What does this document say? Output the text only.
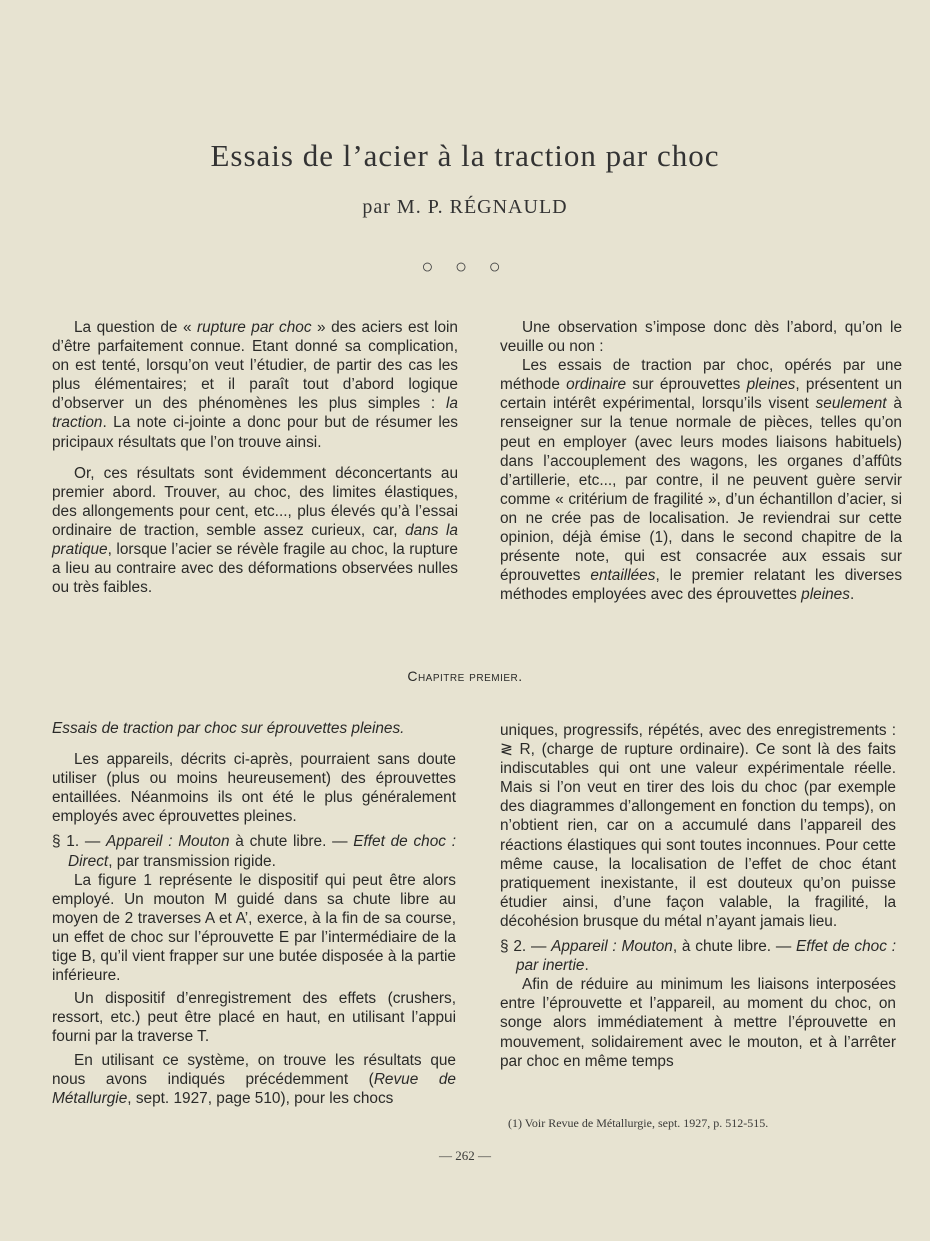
Essais de l’acier à la traction par choc
par M. P. RÉGNAULD
○ ○ ○

La question de « rupture par choc » des aciers est loin d’être parfaitement connue. Etant donné sa complication, on est tenté, lorsqu’on veut l’étudier, de partir des cas les plus élémentaires; et il paraît tout d’abord logique d’observer un des phénomènes les plus simples : la traction. La note ci-jointe a donc pour but de résumer les pricipaux résultats que l’on trouve ainsi.

Or, ces résultats sont évidemment déconcertants au premier abord. Trouver, au choc, des limites élastiques, des allongements pour cent, etc..., plus élevés qu’à l’essai ordinaire de traction, semble assez curieux, car, dans la pratique, lorsque l’acier se révèle fragile au choc, la rupture a lieu au contraire avec des déformations observées nulles ou très faibles.

Une observation s’impose donc dès l’abord, qu’on le veuille ou non :

Les essais de traction par choc, opérés par une méthode ordinaire sur éprouvettes pleines, présentent un certain intérêt expérimental, lorsqu’ils visent seulement à renseigner sur la tenue normale de pièces, telles qu’on peut en employer (avec leurs modes liaisons habituels) dans l’accouplement des wagons, les organes d’affûts d’artillerie, etc..., par contre, il ne peuvent guère servir comme « critérium de fragilité », d’un échantillon d’acier, si on ne crée pas de localisation. Je reviendrai sur cette opinion, déjà émise (1), dans le second chapitre de la présente note, qui est consacrée aux essais sur éprouvettes entaillées, le premier relatant les diverses méthodes employées avec des éprouvettes pleines.

Chapitre premier.

Essais de traction par choc sur éprouvettes pleines.

Les appareils, décrits ci-après, pourraient sans doute utiliser (plus ou moins heureusement) des éprouvettes entaillées. Néanmoins ils ont été le plus généralement employés avec éprouvettes pleines.

§ 1. — Appareil : Mouton à chute libre. — Effet de choc : Direct, par transmission rigide.

La figure 1 représente le dispositif qui peut être alors employé. Un mouton M guidé dans sa chute libre au moyen de 2 traverses A et A’, exerce, à la fin de sa course, un effet de choc sur l’éprouvette E par l’intermédiaire de la tige B, qu’il vient frapper sur une butée disposée à la partie inférieure.

Un dispositif d’enregistrement des effets (crushers, ressort, etc.) peut être placé en haut, en utilisant l’appui fourni par la traverse T.

En utilisant ce système, on trouve les résultats que nous avons indiqués précédemment (Revue de Métallurgie, sept. 1927, page 510), pour les chocs

uniques, progressifs, répétés, avec des enregistrements : ≷ R, (charge de rupture ordinaire). Ce sont là des faits indiscutables qui ont une valeur expérimentale réelle. Mais si l’on veut en tirer des lois du choc (par exemple des diagrammes d’allongement en fonction du temps), on n’obtient rien, car on a accumulé dans l’appareil des réactions élastiques qui sont toutes inconnues. Pour cette même cause, la localisation de l’effet de choc étant pratiquement inexistante, il est douteux qu’on puisse étudier ainsi, d’une façon valable, la fragilité, la décohésion brusque du métal n’ayant jamais lieu.

§ 2. — Appareil : Mouton, à chute libre. — Effet de choc : par inertie.

Afin de réduire au minimum les liaisons interposées entre l’éprouvette et l’appareil, au moment du choc, on songe alors immédiatement à mettre l’éprouvette en mouvement, solidairement avec le mouton, et à l’arrêter par choc en même temps

(1) Voir Revue de Métallurgie, sept. 1927, p. 512-515.
— 262 —
